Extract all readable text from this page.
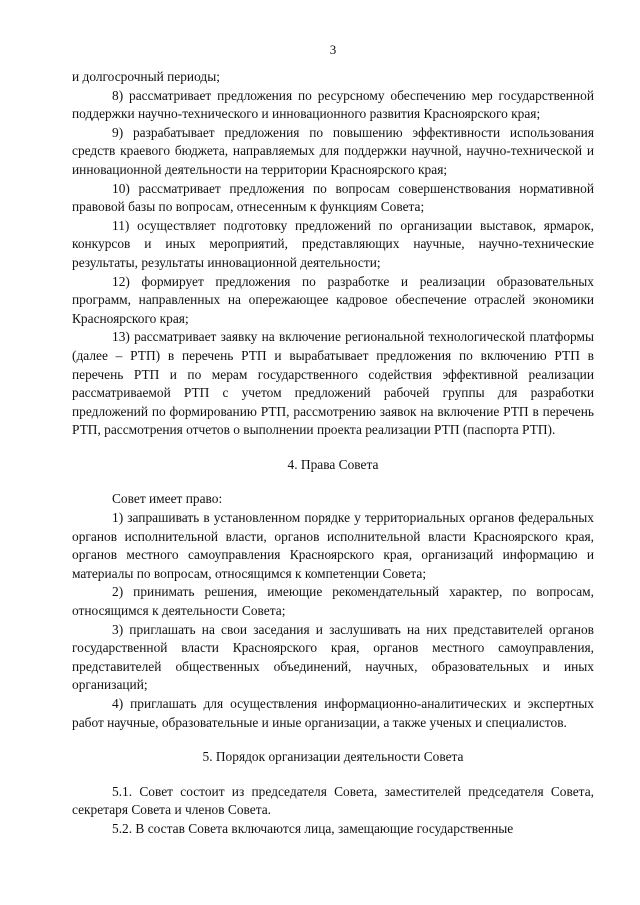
3

и долгосрочный периоды;

8) рассматривает предложения по ресурсному обеспечению мер государственной поддержки научно-технического и инновационного развития Красноярского края;

9) разрабатывает предложения по повышению эффективности использования средств краевого бюджета, направляемых для поддержки научной, научно-технической и инновационной деятельности на территории Красноярского края;

10) рассматривает предложения по вопросам совершенствования нормативной правовой базы по вопросам, отнесенным к функциям Совета;

11) осуществляет подготовку предложений по организации выставок, ярмарок, конкурсов и иных мероприятий, представляющих научные, научно-технические результаты, результаты инновационной деятельности;

12) формирует предложения по разработке и реализации образовательных программ, направленных на опережающее кадровое обеспечение отраслей экономики Красноярского края;

13) рассматривает заявку на включение региональной технологической платформы (далее – РТП) в перечень РТП и вырабатывает предложения по включению РТП в перечень РТП и по мерам государственного содействия эффективной реализации рассматриваемой РТП с учетом предложений рабочей группы для разработки предложений по формированию РТП, рассмотрению заявок на включение РТП в перечень РТП, рассмотрения отчетов о выполнении проекта реализации РТП (паспорта РТП).

4. Права Совета

Совет имеет право:

1) запрашивать в установленном порядке у территориальных органов федеральных органов исполнительной власти, органов исполнительной власти Красноярского края, органов местного самоуправления Красноярского края, организаций информацию и материалы по вопросам, относящимся к компетенции Совета;

2) принимать решения, имеющие рекомендательный характер, по вопросам, относящимся к деятельности Совета;

3) приглашать на свои заседания и заслушивать на них представителей органов государственной власти Красноярского края, органов местного самоуправления, представителей общественных объединений, научных, образовательных и иных организаций;

4) приглашать для осуществления информационно-аналитических и экспертных работ научные, образовательные и иные организации, а также ученых и специалистов.

5. Порядок организации деятельности Совета

5.1. Совет состоит из председателя Совета, заместителей председателя Совета, секретаря Совета и членов Совета.

5.2. В состав Совета включаются лица, замещающие государственные
